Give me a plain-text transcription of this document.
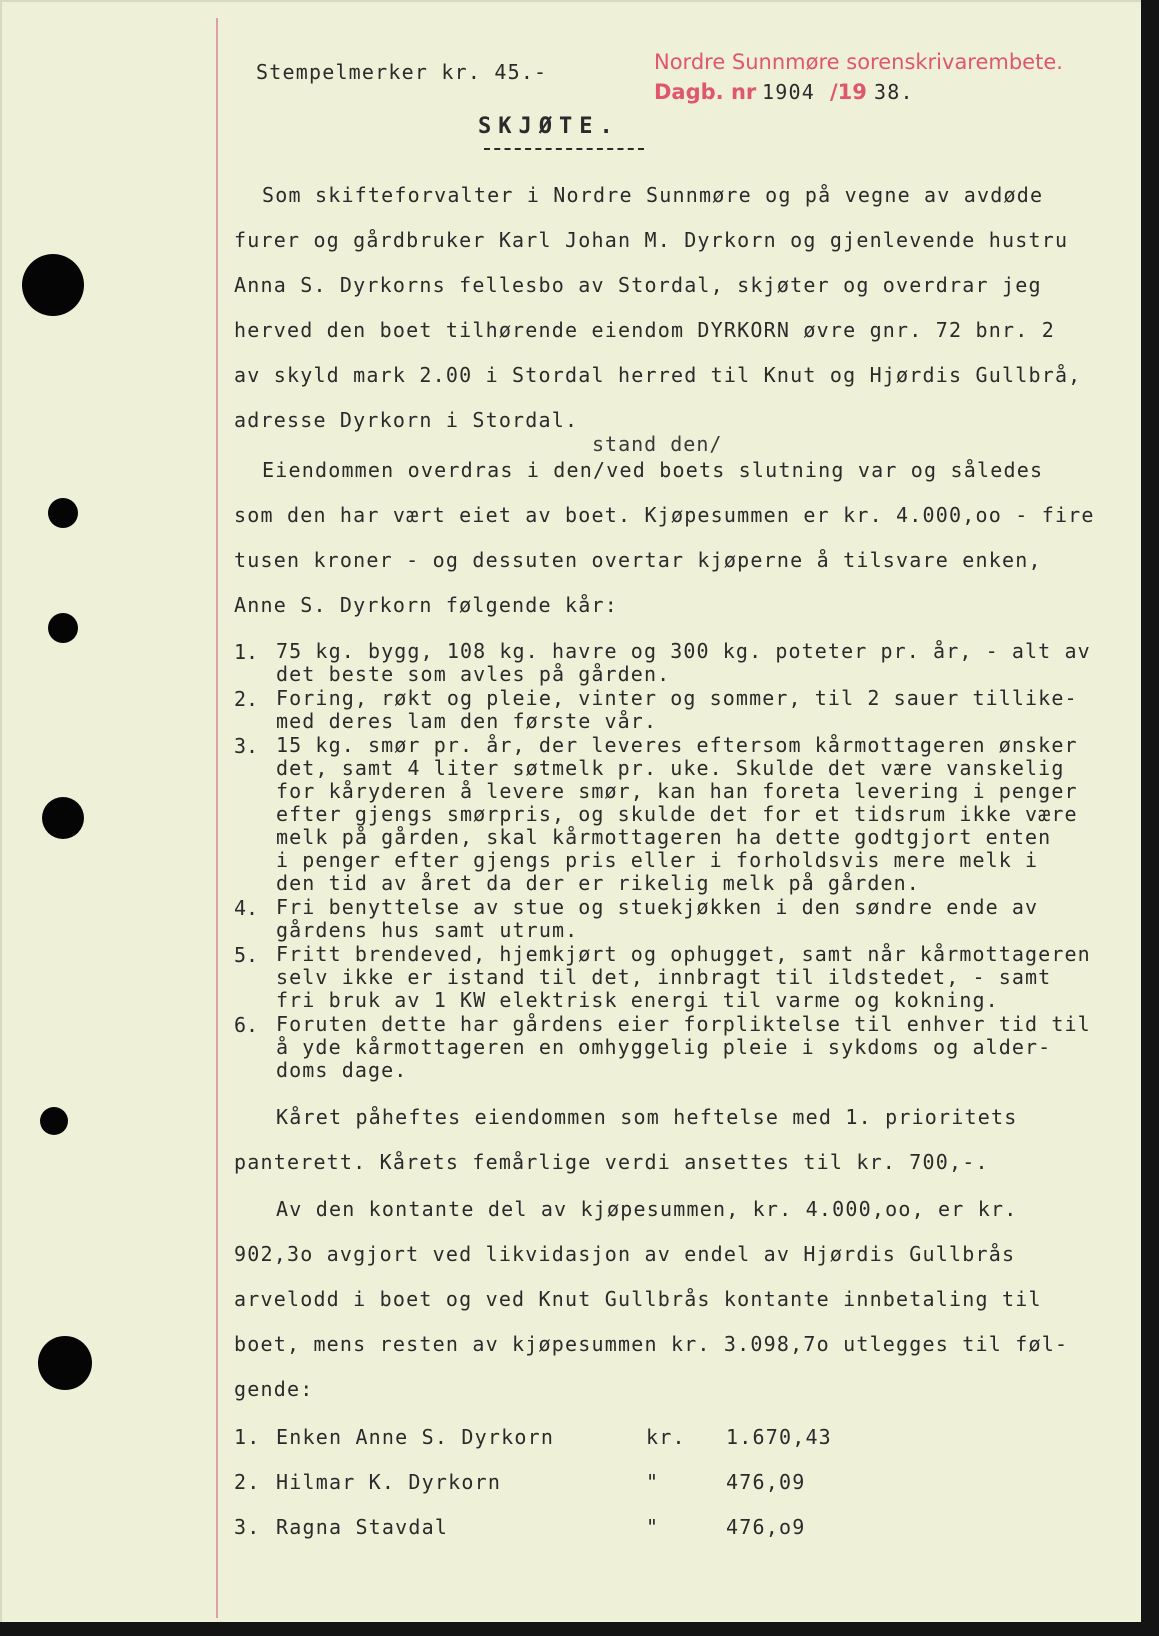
Stempelmerker kr. 45.-	Nordre Sunnmøre sorenskrivarembete.
Dagb. nr 1904 /19 38.
SKJØTE.
Som skifteforvalter i Nordre Sunnmøre og på vegne av avdøde
furer og gårdbruker Karl Johan M. Dyrkorn og gjenlevende hustru
Anna S. Dyrkorns fellesbo av Stordal, skjøter og overdrar jeg
herved den boet tilhørende eiendom DYRKORN øvre gnr. 72 bnr. 2
av skyld mark 2.00 i Stordal herred til Knut og Hjørdis Gullbrå,
adresse Dyrkorn i Stordal.
stand den/
Eiendommen overdras i den/ved boets slutning var og således
som den har vært eiet av boet. Kjøpesummen er kr. 4.000,oo - fire
tusen kroner - og dessuten overtar kjøperne å tilsvare enken,
Anne S. Dyrkorn følgende kår:
1. 75 kg. bygg, 108 kg. havre og 300 kg. poteter pr. år, - alt av
det beste som avles på gården.
2. Foring, røkt og pleie, vinter og sommer, til 2 sauer tillike-
med deres lam den første vår.
3. 15 kg. smør pr. år, der leveres eftersom kårmottageren ønsker
det, samt 4 liter søtmelk pr. uke. Skulde det være vanskelig
for kåryderen å levere smør, kan han foreta levering i penger
efter gjengs smørpris, og skulde det for et tidsrum ikke være
melk på gården, skal kårmottageren ha dette godtgjort enten
i penger efter gjengs pris eller i forholdsvis mere melk i
den tid av året da der er rikelig melk på gården.
4. Fri benyttelse av stue og stuekjøkken i den søndre ende av
gårdens hus samt utrum.
5. Fritt brendeved, hjemkjørt og ophugget, samt når kårmottageren
selv ikke er istand til det, innbragt til ildstedet, - samt
fri bruk av 1 KW elektrisk energi til varme og kokning.
6. Foruten dette har gårdens eier forpliktelse til enhver tid til
å yde kårmottageren en omhyggelig pleie i sykdoms og alder-
doms dage.
Kåret påheftes eiendommen som heftelse med 1. prioritets
panterett. Kårets femårlige verdi ansettes til kr. 700,-.
Av den kontante del av kjøpesummen, kr. 4.000,oo, er kr.
902,3o avgjort ved likvidasjon av endel av Hjørdis Gullbrås
arvelodd i boet og ved Knut Gullbrås kontante innbetaling til
boet, mens resten av kjøpesummen kr. 3.098,7o utlegges til føl-
gende:
1. Enken Anne S. Dyrkorn	kr. 1.670,43
2. Hilmar K. Dyrkorn	"	476,09
3. Ragna Stavdal	"	476,o9
